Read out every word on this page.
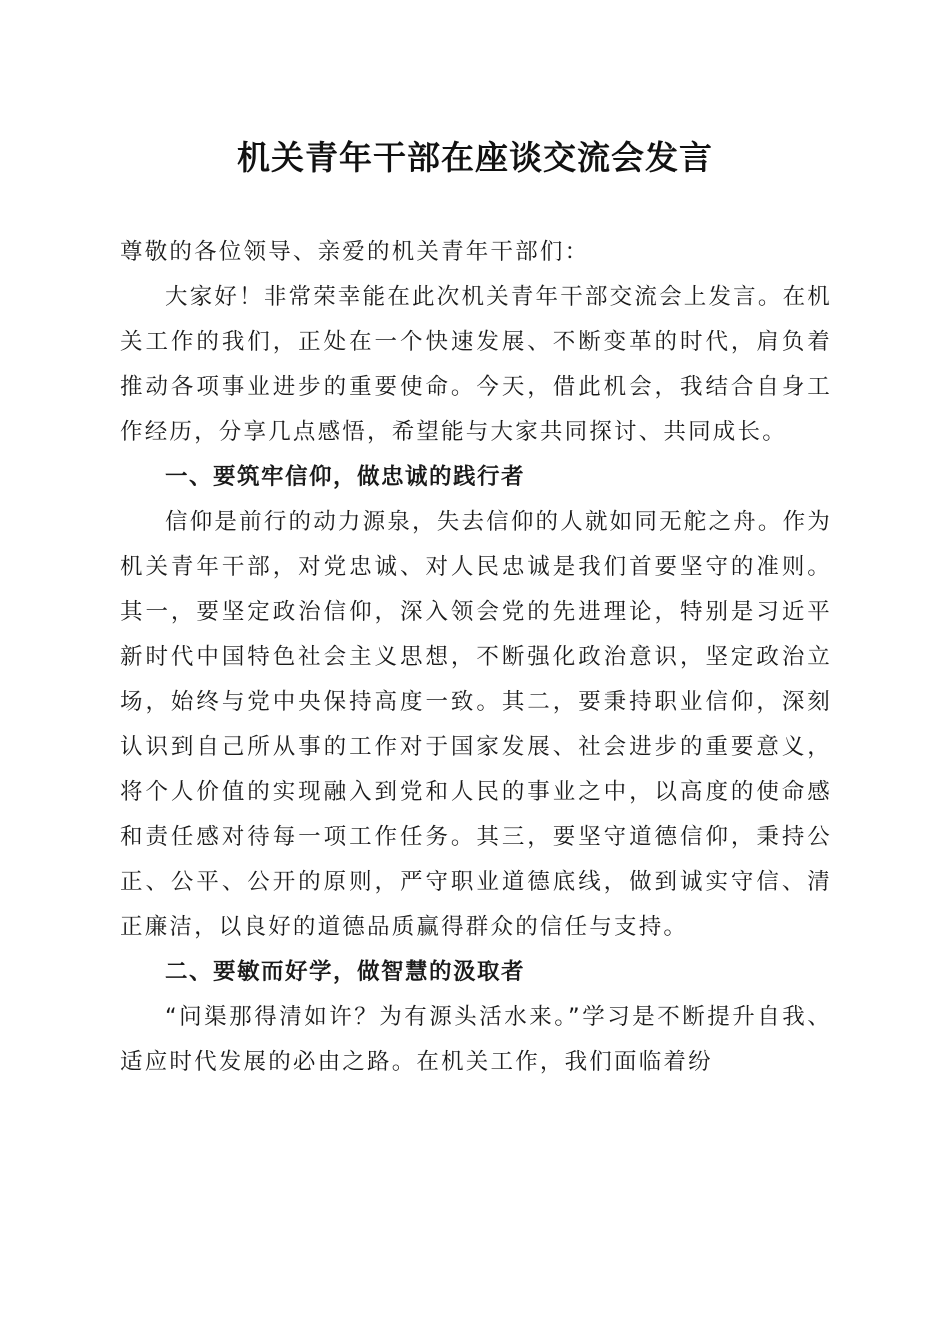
机关青年干部在座谈交流会发言

尊敬的各位领导、亲爱的机关青年干部们：

大家好！非常荣幸能在此次机关青年干部交流会上发言。在机关工作的我们，正处在一个快速发展、不断变革的时代，肩负着推动各项事业进步的重要使命。今天，借此机会，我结合自身工作经历，分享几点感悟，希望能与大家共同探讨、共同成长。

一、要筑牢信仰，做忠诚的践行者

信仰是前行的动力源泉，失去信仰的人就如同无舵之舟。作为机关青年干部，对党忠诚、对人民忠诚是我们首要坚守的准则。其一，要坚定政治信仰，深入领会党的先进理论，特别是习近平新时代中国特色社会主义思想，不断强化政治意识，坚定政治立场，始终与党中央保持高度一致。其二，要秉持职业信仰，深刻认识到自己所从事的工作对于国家发展、社会进步的重要意义，将个人价值的实现融入到党和人民的事业之中，以高度的使命感和责任感对待每一项工作任务。其三，要坚守道德信仰，秉持公正、公平、公开的原则，严守职业道德底线，做到诚实守信、清正廉洁，以良好的道德品质赢得群众的信任与支持。

二、要敏而好学，做智慧的汲取者

“问渠那得清如许？为有源头活水来。”学习是不断提升自我、适应时代发展的必由之路。在机关工作，我们面临着纷
